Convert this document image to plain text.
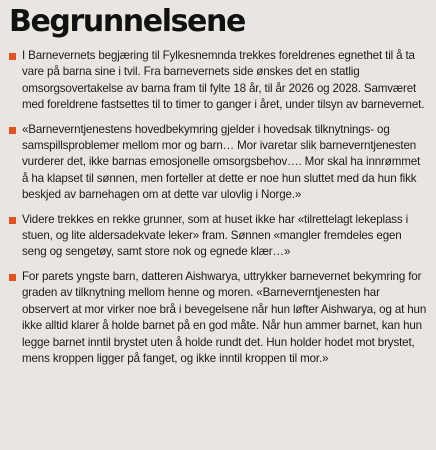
Begrunnelsene

I Barnevernets begjæring til Fylkesnemnda trekkes foreldrenes egnethet til å ta vare på barna sine i tvil. Fra barnevernets side ønskes det en statlig omsorgsovertakelse av barna fram til fylte 18 år, til år 2026 og 2028. Samværet med foreldrene fastsettes til to timer to ganger i året, under tilsyn av barnevernet.

«Barneverntjenestens hovedbekymring gjelder i hovedsak tilknytnings- og samspillsproblemer mellom mor og barn… Mor ivaretar slik barneverntjenesten vurderer det, ikke barnas emosjonelle omsorgsbehov…. Mor skal ha innrømmet å ha klapset til sønnen, men forteller at dette er noe hun sluttet med da hun fikk beskjed av barnehagen om at dette var ulovlig i Norge.»

Videre trekkes en rekke grunner, som at huset ikke har «tilrettelagt lekeplass i stuen, og lite aldersadekvate leker» fram. Sønnen «mangler fremdeles egen seng og sengetøy, samt store nok og egnede klær…»

For parets yngste barn, datteren Aishwarya, uttrykker barnevernet bekymring for graden av tilknytning mellom henne og moren. «Barneverntjenesten har observert at mor virker noe brå i bevegelsene når hun løfter Aishwarya, og at hun ikke alltid klarer å holde barnet på en god måte. Når hun ammer barnet, kan hun legge barnet inntil brystet uten å holde rundt det. Hun holder hodet mot brystet, mens kroppen ligger på fanget, og ikke inntil kroppen til mor.»
